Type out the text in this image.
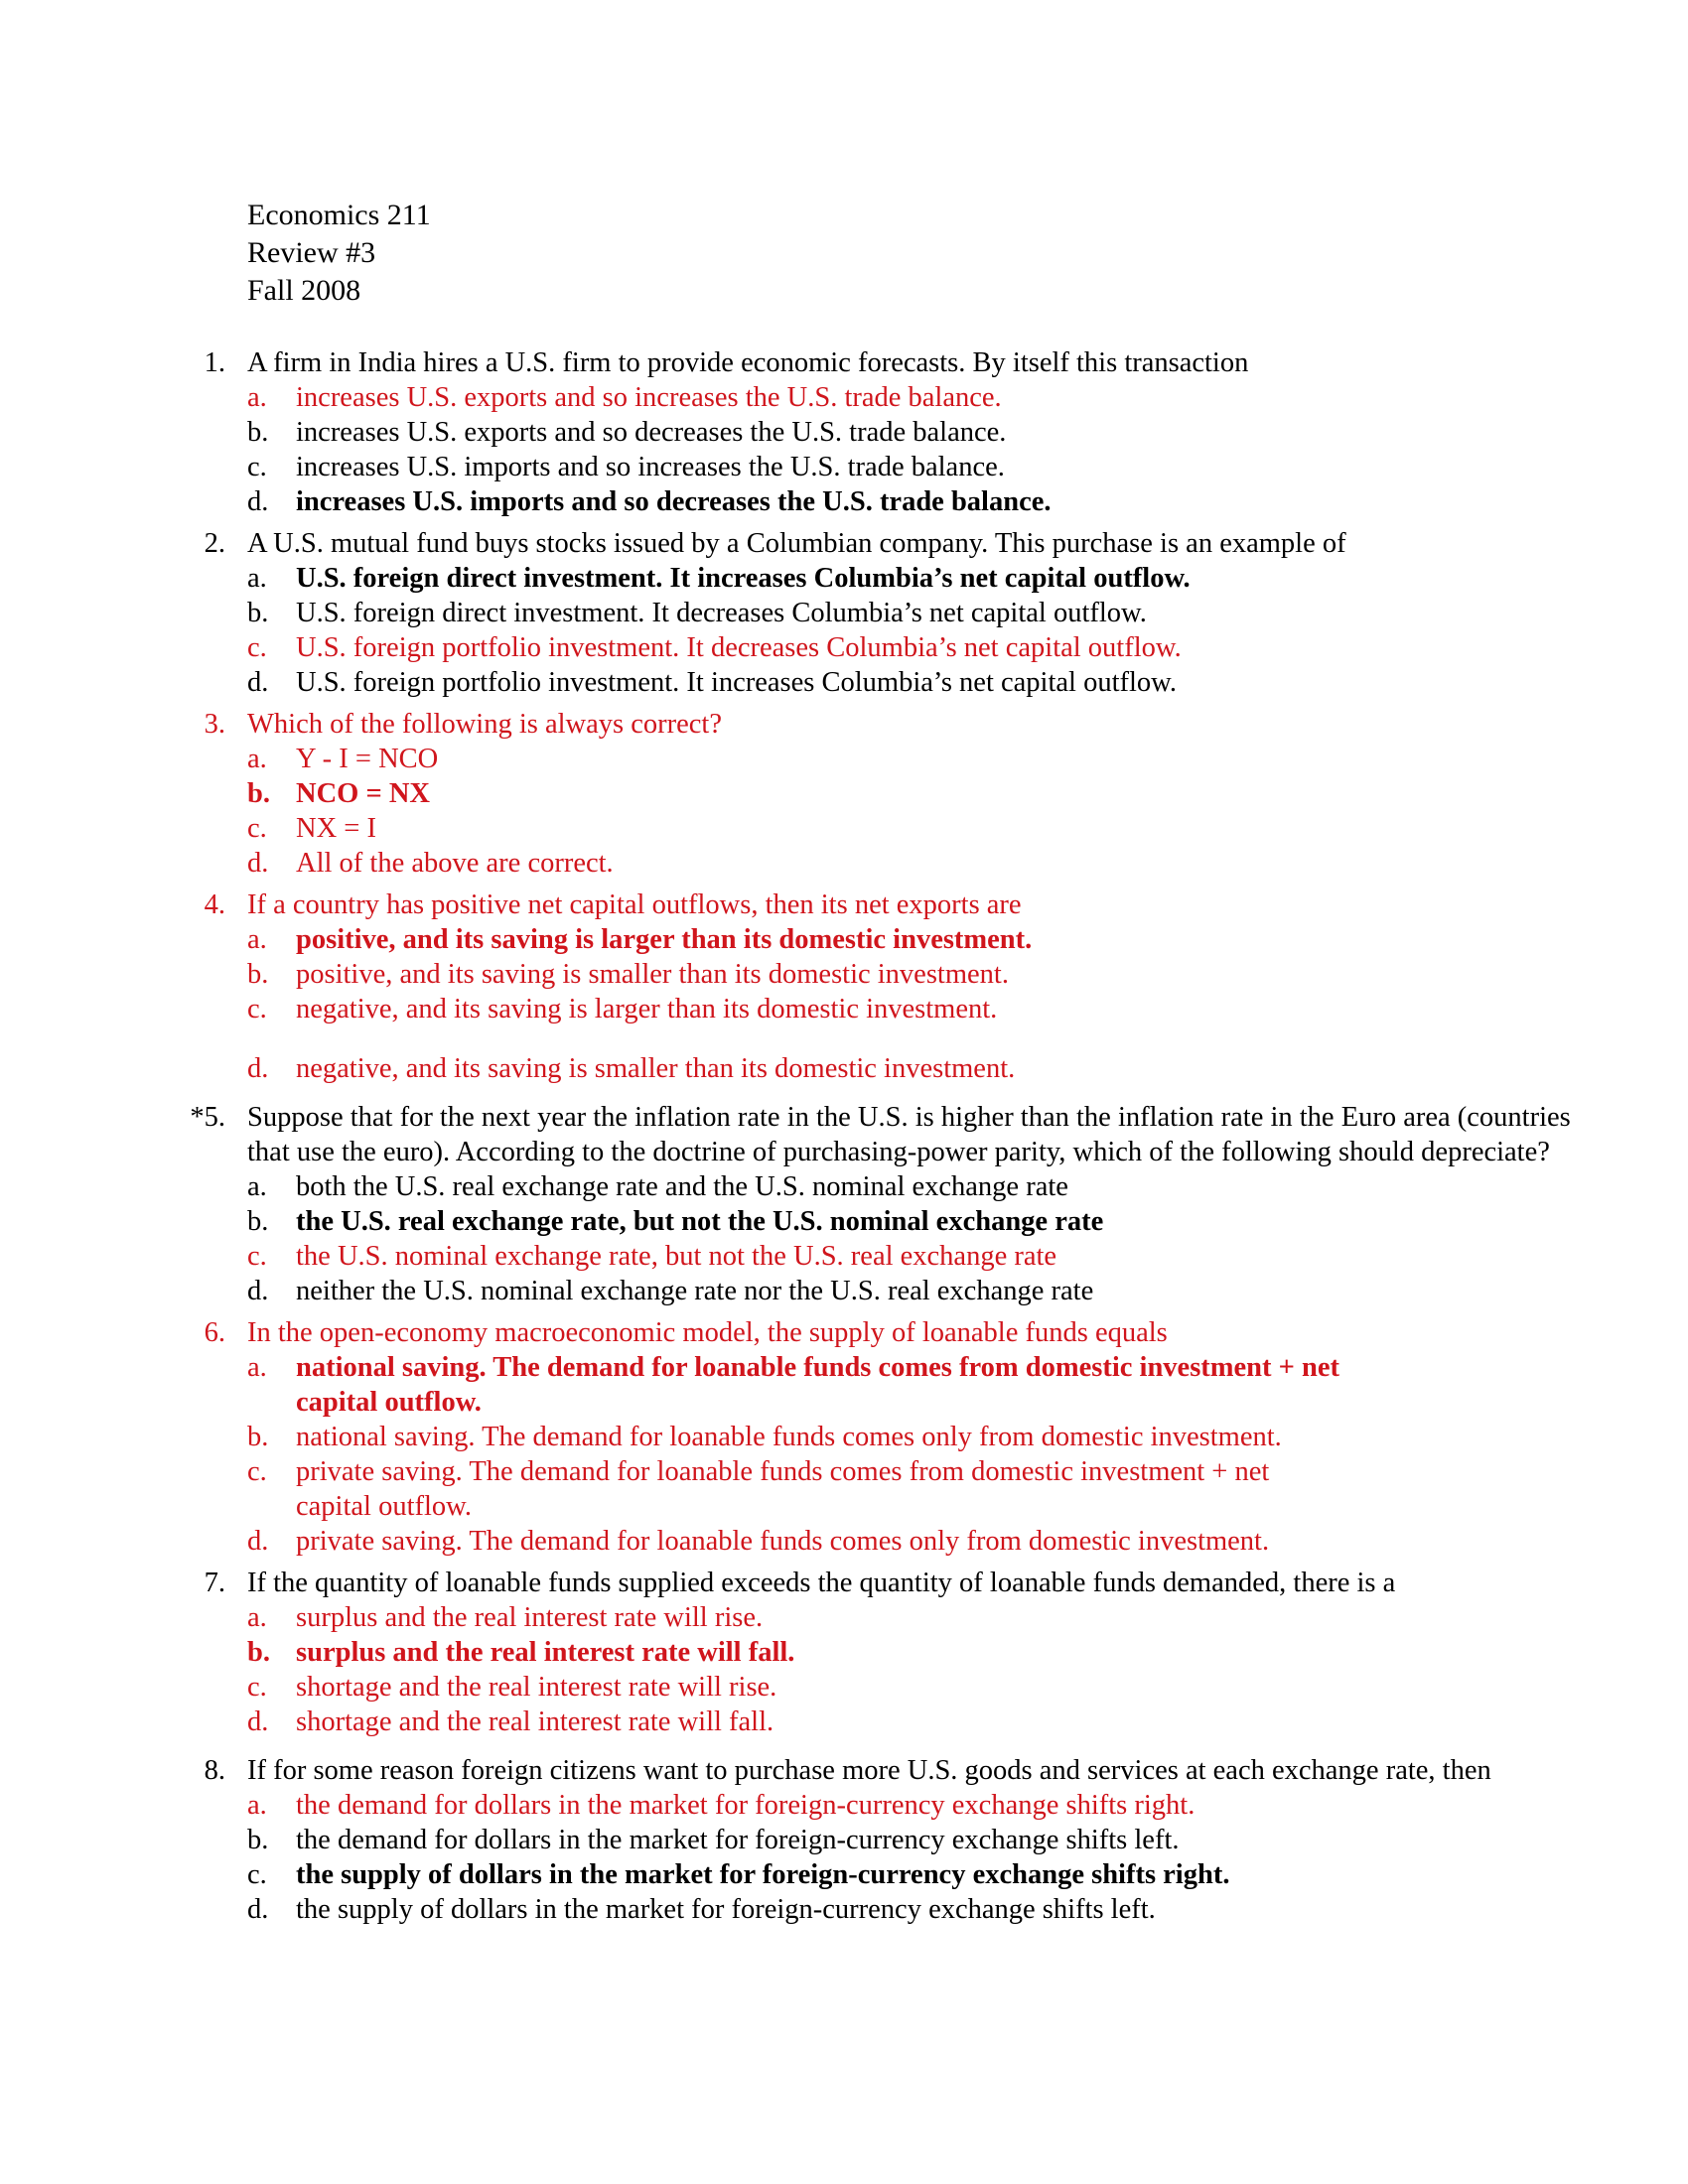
Economics 211
Review #3
Fall 2008
1. A firm in India hires a U.S. firm to provide economic forecasts. By itself this transaction
a.	increases U.S. exports and so increases the U.S. trade balance.
b. increases U.S. exports and so decreases the U.S. trade balance.
c.	increases U.S. imports and so increases the U.S. trade balance.
d. increases U.S. imports and so decreases the U.S. trade balance.
2. A U.S. mutual fund buys stocks issued by a Columbian company. This purchase is an example of
a.	U.S. foreign direct investment. It increases Columbia’s net capital outflow.
b. U.S. foreign direct investment. It decreases Columbia’s net capital outflow.
c.	U.S. foreign portfolio investment. It decreases Columbia’s net capital outflow.
d. U.S. foreign portfolio investment. It increases Columbia’s net capital outflow.
3. Which of the following is always correct?
a.	Y - I = NCO
b. NCO = NX
c.	NX = I
d. All of the above are correct.
4. If a country has positive net capital outflows, then its net exports are
a.	positive, and its saving is larger than its domestic investment.
b. positive, and its saving is smaller than its domestic investment.
c.	negative, and its saving is larger than its domestic investment.
d. negative, and its saving is smaller than its domestic investment.
*5. Suppose that for the next year the inflation rate in the U.S. is higher than the inflation rate in the Euro area (countries that use the euro). According to the doctrine of purchasing-power parity, which of the following should depreciate?
a.	both the U.S. real exchange rate and the U.S. nominal exchange rate
b. the U.S. real exchange rate, but not the U.S. nominal exchange rate
c.	the U.S. nominal exchange rate, but not the U.S. real exchange rate
d. neither the U.S. nominal exchange rate nor the U.S. real exchange rate
6. In the open-economy macroeconomic model, the supply of loanable funds equals
a.	national saving. The demand for loanable funds comes from domestic investment + net capital outflow.
b. national saving. The demand for loanable funds comes only from domestic investment.
c.	private saving. The demand for loanable funds comes from domestic investment + net capital outflow.
d. private saving. The demand for loanable funds comes only from domestic investment.
7. If the quantity of loanable funds supplied exceeds the quantity of loanable funds demanded, there is a
a.	surplus and the real interest rate will rise.
b. surplus and the real interest rate will fall.
c.	shortage and the real interest rate will rise.
d. shortage and the real interest rate will fall.
8. If for some reason foreign citizens want to purchase more U.S. goods and services at each exchange rate, then
a.	the demand for dollars in the market for foreign-currency exchange shifts right.
b. the demand for dollars in the market for foreign-currency exchange shifts left.
c.	the supply of dollars in the market for foreign-currency exchange shifts right.
d. the supply of dollars in the market for foreign-currency exchange shifts left.
